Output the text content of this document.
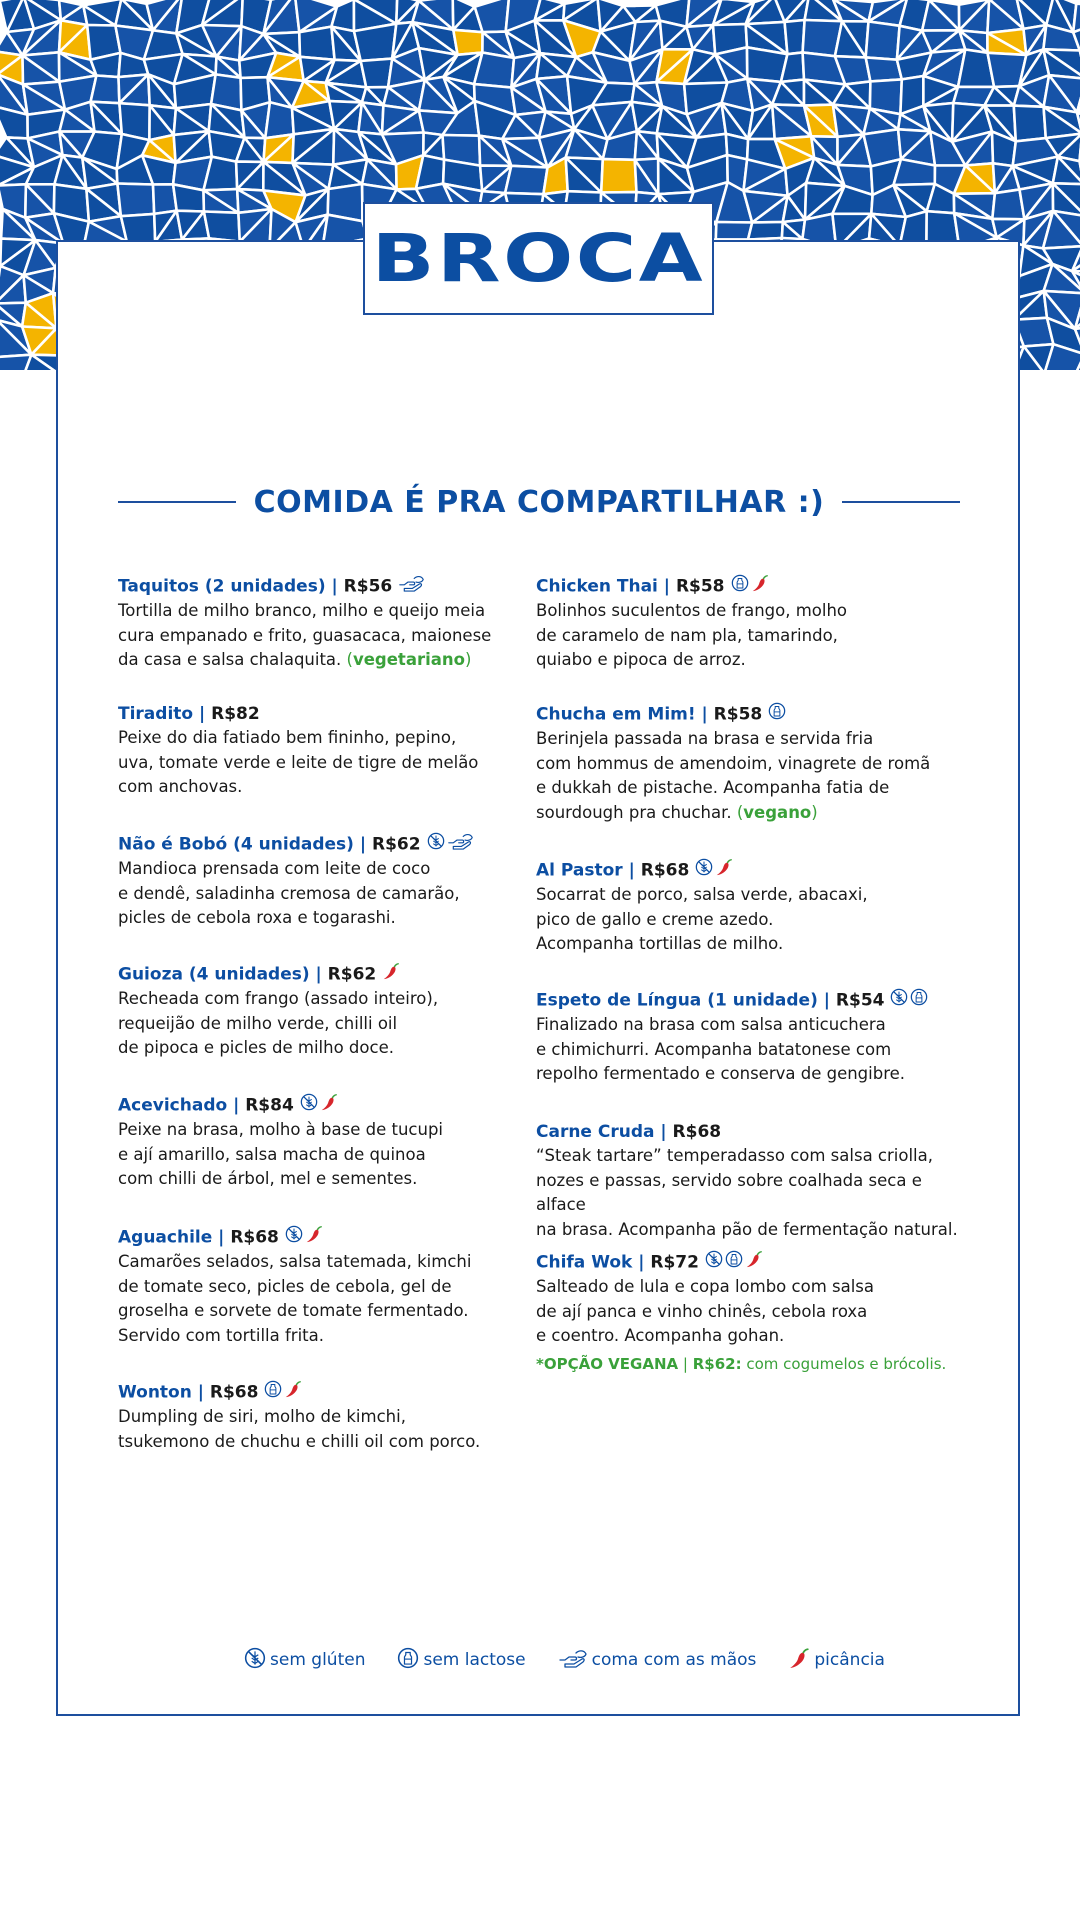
BROCA
COMIDA É PRA COMPARTILHAR :)
Taquitos (2 unidades) | R$56
Tortilla de milho branco, milho e queijo meia
cura empanado e frito, guasacaca, maionese
da casa e salsa chalaquita. (vegetariano)
Tiradito | R$82
Peixe do dia fatiado bem fininho, pepino,
uva, tomate verde e leite de tigre de melão
com anchovas.
Não é Bobó (4 unidades) | R$62
Mandioca prensada com leite de coco
e dendê, saladinha cremosa de camarão,
picles de cebola roxa e togarashi.
Guioza (4 unidades) | R$62
Recheada com frango (assado inteiro),
requeijão de milho verde, chilli oil
de pipoca e picles de milho doce.
Acevichado | R$84
Peixe na brasa, molho à base de tucupi
e ají amarillo, salsa macha de quinoa
com chilli de árbol, mel e sementes.
Aguachile | R$68
Camarões selados, salsa tatemada, kimchi
de tomate seco, picles de cebola, gel de
groselha e sorvete de tomate fermentado.
Servido com tortilla frita.
Wonton | R$68
Dumpling de siri, molho de kimchi,
tsukemono de chuchu e chilli oil com porco.
Chicken Thai | R$58
Bolinhos suculentos de frango, molho
de caramelo de nam pla, tamarindo,
quiabo e pipoca de arroz.
Chucha em Mim! | R$58
Berinjela passada na brasa e servida fria
com hommus de amendoim, vinagrete de romã
e dukkah de pistache. Acompanha fatia de
sourdough pra chuchar. (vegano)
Al Pastor | R$68
Socarrat de porco, salsa verde, abacaxi,
pico de gallo e creme azedo.
Acompanha tortillas de milho.
Espeto de Língua (1 unidade) | R$54
Finalizado na brasa com salsa anticuchera
e chimichurri. Acompanha batatonese com
repolho fermentado e conserva de gengibre.
Carne Cruda | R$68
“Steak tartare” temperadasso com salsa criolla,
nozes e passas, servido sobre coalhada seca e alface
na brasa. Acompanha pão de fermentação natural.
Chifa Wok | R$72
Salteado de lula e copa lombo com salsa
de ají panca e vinho chinês, cebola roxa
e coentro. Acompanha gohan.
*OPÇÃO VEGANA | R$62: com cogumelos e brócolis.
sem glúten	sem lactose	coma com as mãos	picância
